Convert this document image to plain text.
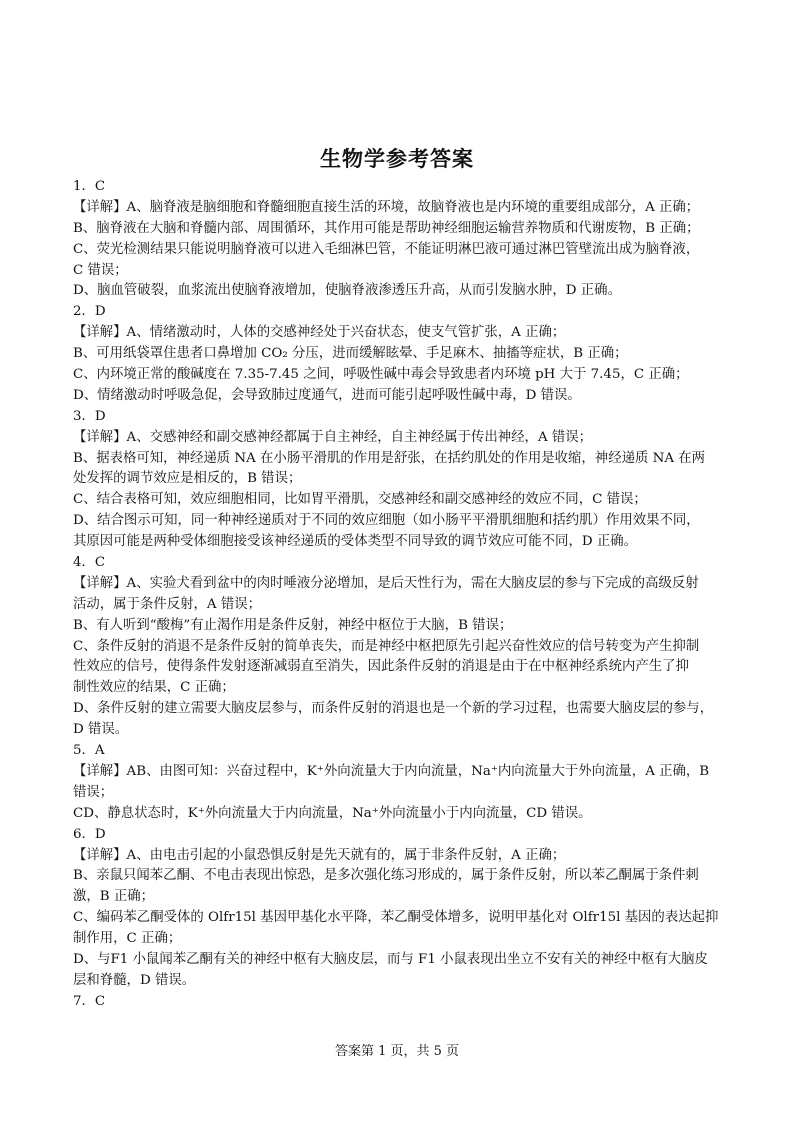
生物学参考答案
1．C
【详解】A、脑脊液是脑细胞和脊髓细胞直接生活的环境，故脑脊液也是内环境的重要组成部分，A 正确；
B、脑脊液在大脑和脊髓内部、周围循环，其作用可能是帮助神经细胞运输营养物质和代谢废物，B 正确；
C、荧光检测结果只能说明脑脊液可以进入毛细淋巴管，不能证明淋巴液可通过淋巴管壁流出成为脑脊液，
C 错误；
D、脑血管破裂，血浆流出使脑脊液增加，使脑脊液渗透压升高，从而引发脑水肿，D 正确。
2．D
【详解】A、情绪激动时，人体的交感神经处于兴奋状态，使支气管扩张，A 正确；
B、可用纸袋罩住患者口鼻增加 CO₂ 分压，进而缓解眩晕、手足麻木、抽搐等症状，B 正确；
C、内环境正常的酸碱度在 7.35-7.45 之间，呼吸性碱中毒会导致患者内环境 pH 大于 7.45，C 正确；
D、情绪激动时呼吸急促，会导致肺过度通气，进而可能引起呼吸性碱中毒，D 错误。
3．D
【详解】A、交感神经和副交感神经都属于自主神经，自主神经属于传出神经，A 错误；
B、据表格可知，神经递质 NA 在小肠平滑肌的作用是舒张，在括约肌处的作用是收缩，神经递质 NA 在两
处发挥的调节效应是相反的，B 错误；
C、结合表格可知，效应细胞相同，比如胃平滑肌，交感神经和副交感神经的效应不同，C 错误；
D、结合图示可知，同一种神经递质对于不同的效应细胞（如小肠平平滑肌细胞和括约肌）作用效果不同，
其原因可能是两种受体细胞接受该神经递质的受体类型不同导致的调节效应可能不同，D 正确。
4．C
【详解】A、实验犬看到盆中的肉时唾液分泌增加，是后天性行为，需在大脑皮层的参与下完成的高级反射
活动，属于条件反射，A 错误；
B、有人听到“酸梅”有止渴作用是条件反射，神经中枢位于大脑，B 错误；
C、条件反射的消退不是条件反射的简单丧失，而是神经中枢把原先引起兴奋性效应的信号转变为产生抑制
性效应的信号，使得条件发射逐渐减弱直至消失，因此条件反射的消退是由于在中枢神经系统内产生了抑
制性效应的结果，C 正确；
D、条件反射的建立需要大脑皮层参与，而条件反射的消退也是一个新的学习过程，也需要大脑皮层的参与，
D 错误。
5．A
【详解】AB、由图可知：兴奋过程中，K⁺外向流量大于内向流量，Na⁺内向流量大于外向流量，A 正确，B
错误；
CD、静息状态时，K⁺外向流量大于内向流量，Na⁺外向流量小于内向流量，CD 错误。
6．D
【详解】A、由电击引起的小鼠恐惧反射是先天就有的，属于非条件反射，A 正确；
B、亲鼠只闻苯乙酮、不电击表现出惊恐，是多次强化练习形成的，属于条件反射，所以苯乙酮属于条件刺
激，B 正确；
C、编码苯乙酮受体的 Olfr15l 基因甲基化水平降，苯乙酮受体增多，说明甲基化对 Olfr15l 基因的表达起抑
制作用，C 正确；
D、与F1 小鼠闻苯乙酮有关的神经中枢有大脑皮层，而与 F1 小鼠表现出坐立不安有关的神经中枢有大脑皮
层和脊髓，D 错误。
7．C
答案第 1 页，共 5 页
